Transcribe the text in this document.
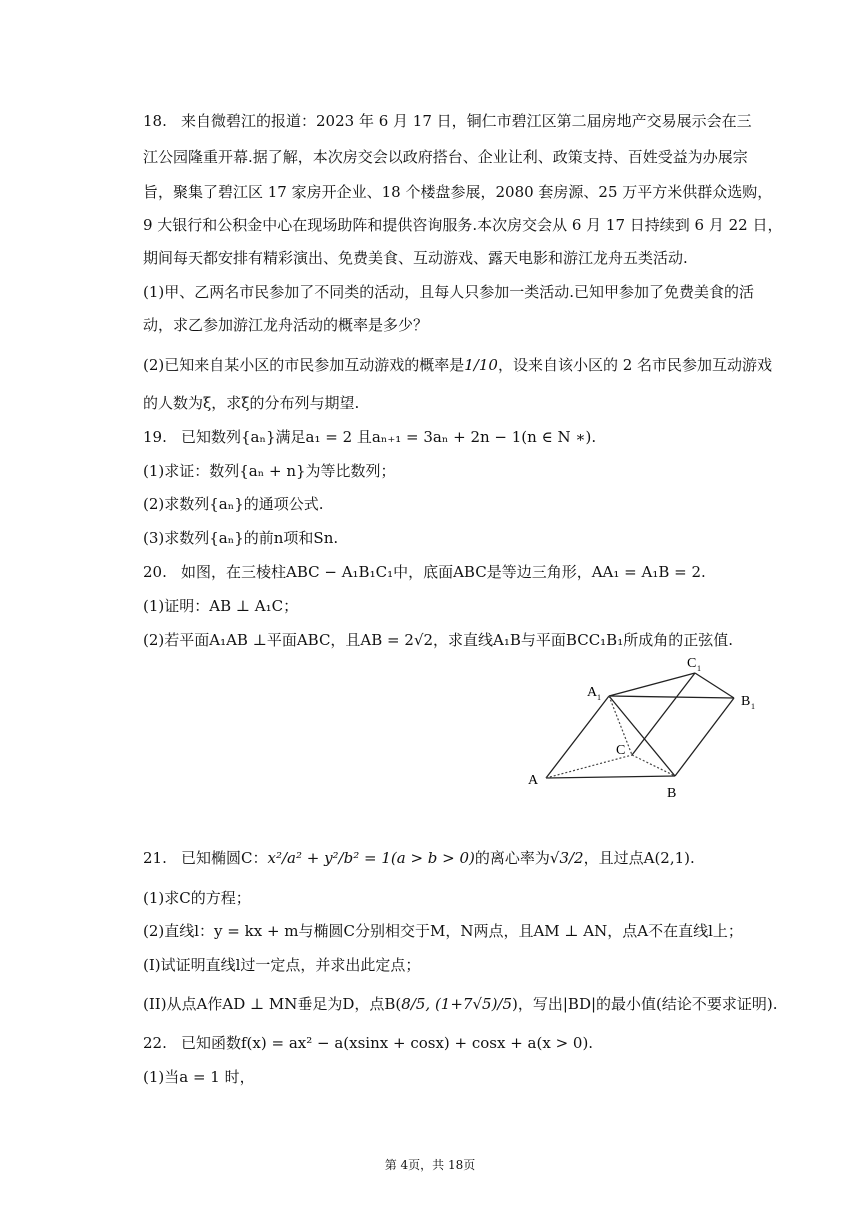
18. 来自微碧江的报道：2023 年 6 月 17 日，铜仁市碧江区第二届房地产交易展示会在三
江公园隆重开幕.据了解，本次房交会以政府搭台、企业让利、政策支持、百姓受益为办展宗
旨，聚集了碧江区 17 家房开企业、18 个楼盘参展，2080 套房源、25 万平方米供群众选购，
9 大银行和公积金中心在现场助阵和提供咨询服务.本次房交会从 6 月 17 日持续到 6 月 22 日，
期间每天都安排有精彩演出、免费美食、互动游戏、露天电影和游江龙舟五类活动.
(1)甲、乙两名市民参加了不同类的活动，且每人只参加一类活动.已知甲参加了免费美食的活
动，求乙参加游江龙舟活动的概率是多少？
(2)已知来自某小区的市民参加互动游戏的概率是1/10，设来自该小区的 2 名市民参加互动游戏
的人数为ξ，求ξ的分布列与期望.
19. 已知数列{aₙ}满足a₁ = 2 且aₙ₊₁ = 3aₙ + 2n − 1(n ∈ N ∗).
(1)求证：数列{aₙ + n}为等比数列；
(2)求数列{aₙ}的通项公式.
(3)求数列{aₙ}的前n项和Sn.
20. 如图，在三棱柱ABC − A₁B₁C₁中，底面ABC是等边三角形，AA₁ = A₁B = 2.
(1)证明：AB ⊥ A₁C；
(2)若平面A₁AB ⊥平面ABC，且AB = 2√2，求直线A₁B与平面BCC₁B₁所成角的正弦值.
A
B
C
A 1	B 1
C 1
21. 已知椭圆C：x²/a² + y²/b² = 1(a > b > 0)的离心率为√3/2，且过点A(2,1).
(1)求C的方程；
(2)直线l：y = kx + m与椭圆C分别相交于M，N两点，且AM ⊥ AN，点A不在直线l上；
(I)试证明直线l过一定点，并求出此定点；
(II)从点A作AD ⊥ MN垂足为D，点B(8/5, (1+7√5)/5)，写出|BD|的最小值(结论不要求证明).
22. 已知函数f(x) = ax² − a(xsinx + cosx) + cosx + a(x > 0).
(1)当a = 1 时，
第 4页，共 18页
